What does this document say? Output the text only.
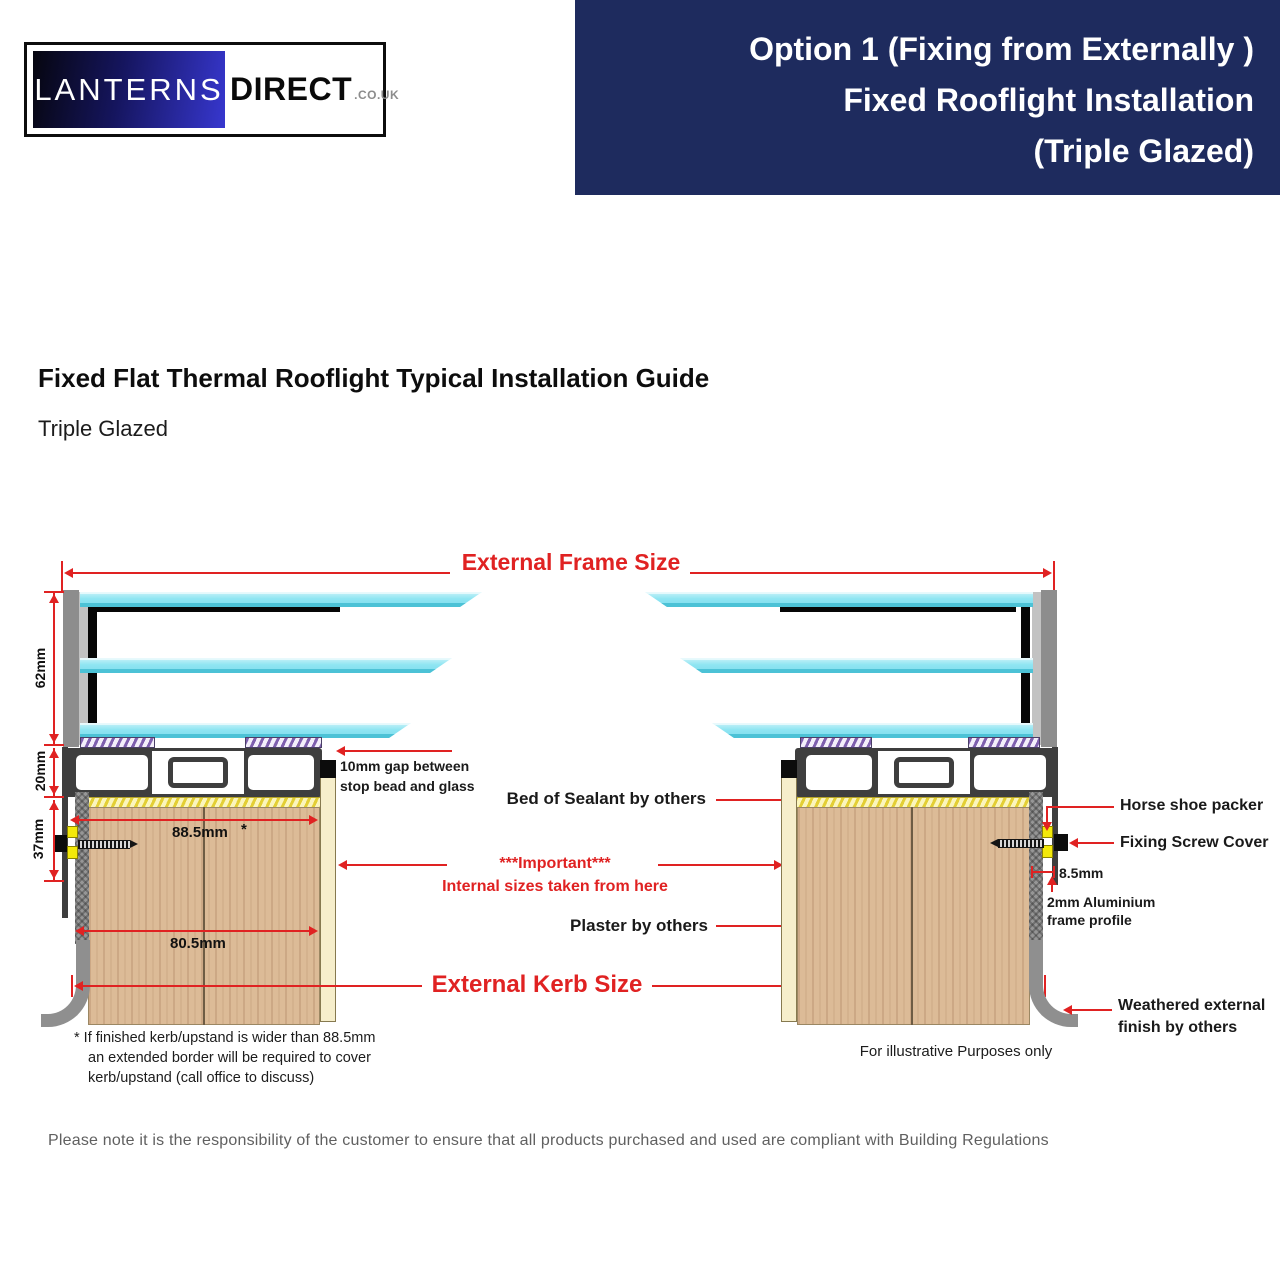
LANTERNS DIRECT .CO.UK
Option 1 (Fixing from Externally )
Fixed Rooflight Installation
(Triple Glazed)
Fixed Flat Thermal Rooflight Typical Installation Guide
Triple Glazed
External Frame Size
62mm
20mm
37mm	88.5mm *
80.5mm
10mm gap between
stop bead and glass
Bed of Sealant by others
***Important***
Internal sizes taken from here
Plaster by others
External Kerb Size
Horse shoe packer
Fixing Screw Cover
8.5mm
2mm Aluminium
frame profile
Weathered external
finish by others
For illustrative Purposes only
* If finished kerb/upstand is wider than 88.5mm
an extended border will be required to cover
kerb/upstand (call office to discuss)
Please note it is the responsibility of the customer to ensure that all products purchased and used are compliant with Building Regulations
